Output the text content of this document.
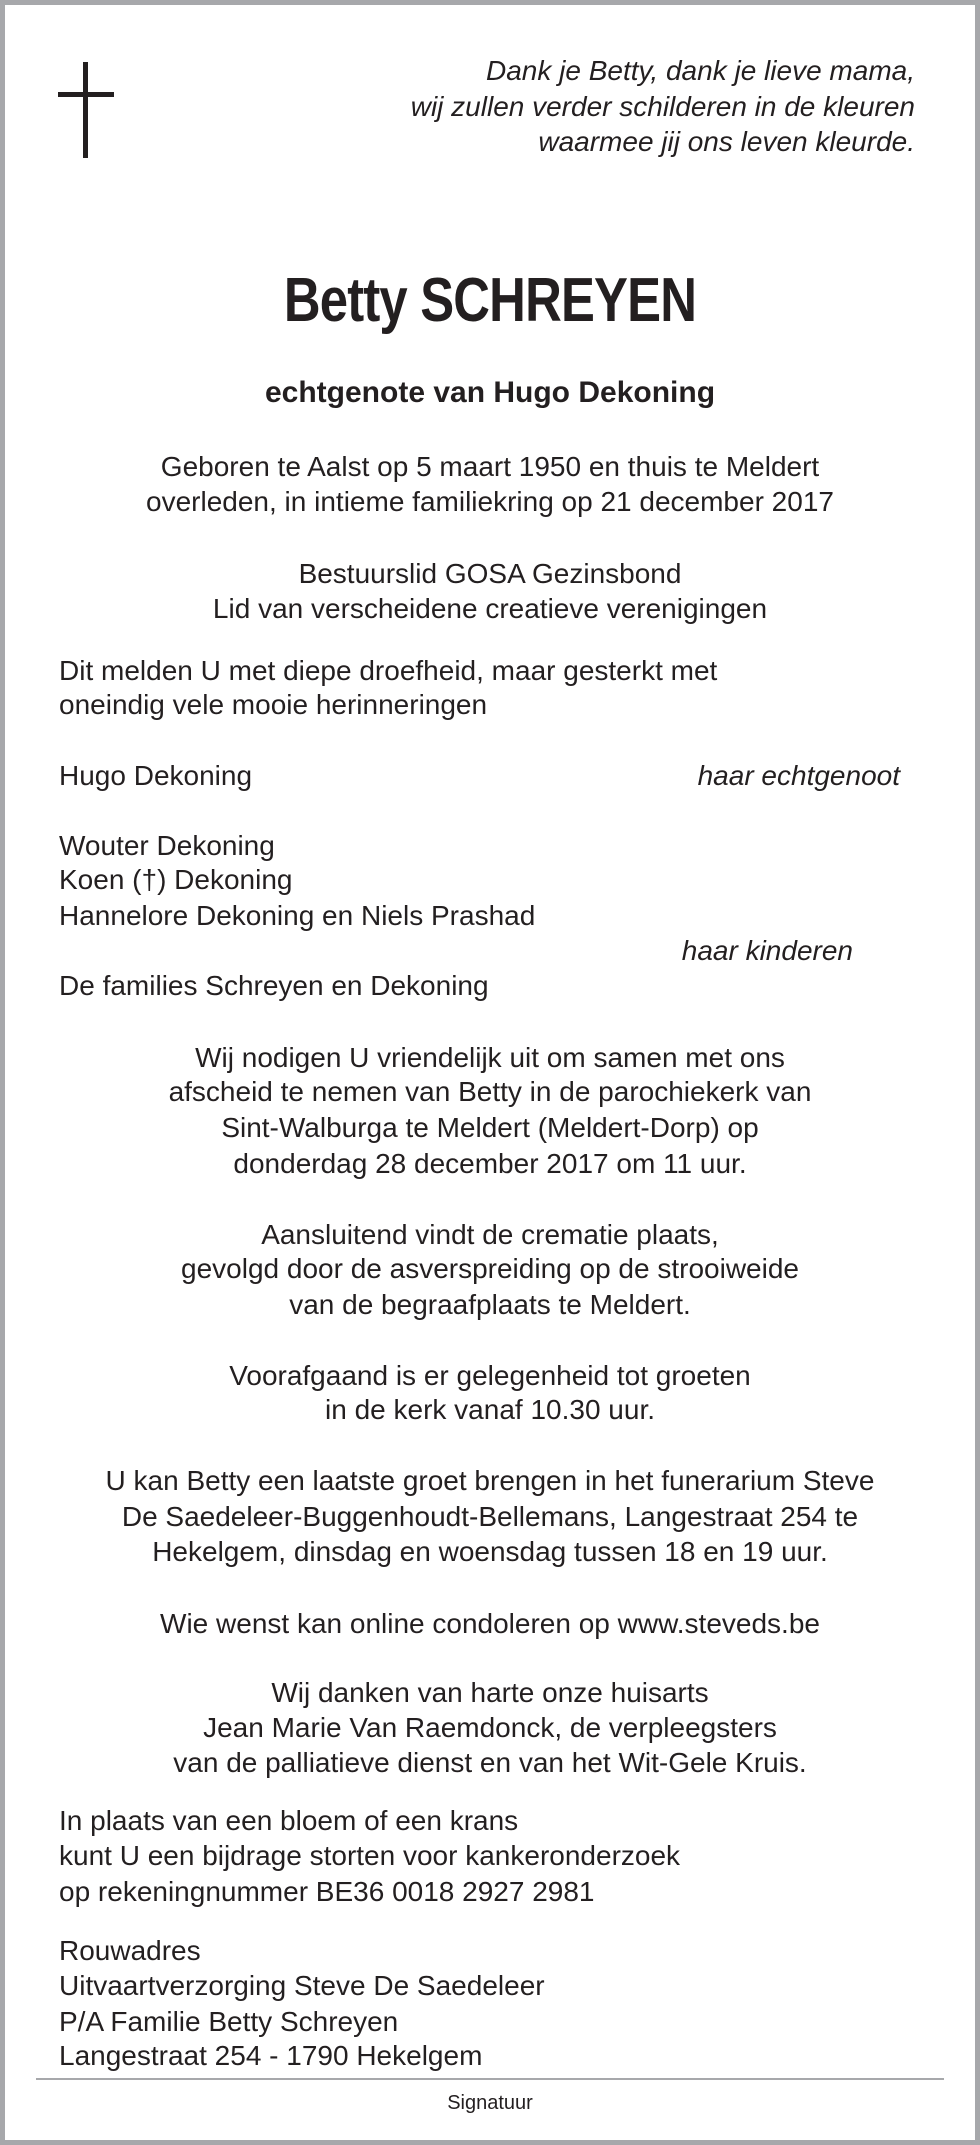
Dank je Betty, dank je lieve mama,
wij zullen verder schilderen in de kleuren
waarmee jij ons leven kleurde.
Betty SCHREYEN
echtgenote van Hugo Dekoning
Geboren te Aalst op 5 maart 1950 en thuis te Meldert
overleden, in intieme familiekring op 21 december 2017
Bestuurslid GOSA Gezinsbond
Lid van verscheidene creatieve verenigingen
Dit melden U met diepe droefheid, maar gesterkt met
oneindig vele mooie herinneringen
Hugo Dekoning	haar echtgenoot
Wouter Dekoning
Koen (†) Dekoning
Hannelore Dekoning en Niels Prashad
haar kinderen
De families Schreyen en Dekoning
Wij nodigen U vriendelijk uit om samen met ons
afscheid te nemen van Betty in de parochiekerk van
Sint-Walburga te Meldert (Meldert-Dorp) op
donderdag 28 december 2017 om 11 uur.
Aansluitend vindt de crematie plaats,
gevolgd door de asverspreiding op de strooiweide
van de begraafplaats te Meldert.
Voorafgaand is er gelegenheid tot groeten
in de kerk vanaf 10.30 uur.
U kan Betty een laatste groet brengen in het funerarium Steve
De Saedeleer-Buggenhoudt-Bellemans, Langestraat 254 te
Hekelgem, dinsdag en woensdag tussen 18 en 19 uur.
Wie wenst kan online condoleren op www.steveds.be
Wij danken van harte onze huisarts
Jean Marie Van Raemdonck, de verpleegsters
van de palliatieve dienst en van het Wit-Gele Kruis.
In plaats van een bloem of een krans
kunt U een bijdrage storten voor kankeronderzoek
op rekeningnummer BE36 0018 2927 2981
Rouwadres
Uitvaartverzorging Steve De Saedeleer
P/A Familie Betty Schreyen
Langestraat 254 - 1790 Hekelgem
Signatuur
